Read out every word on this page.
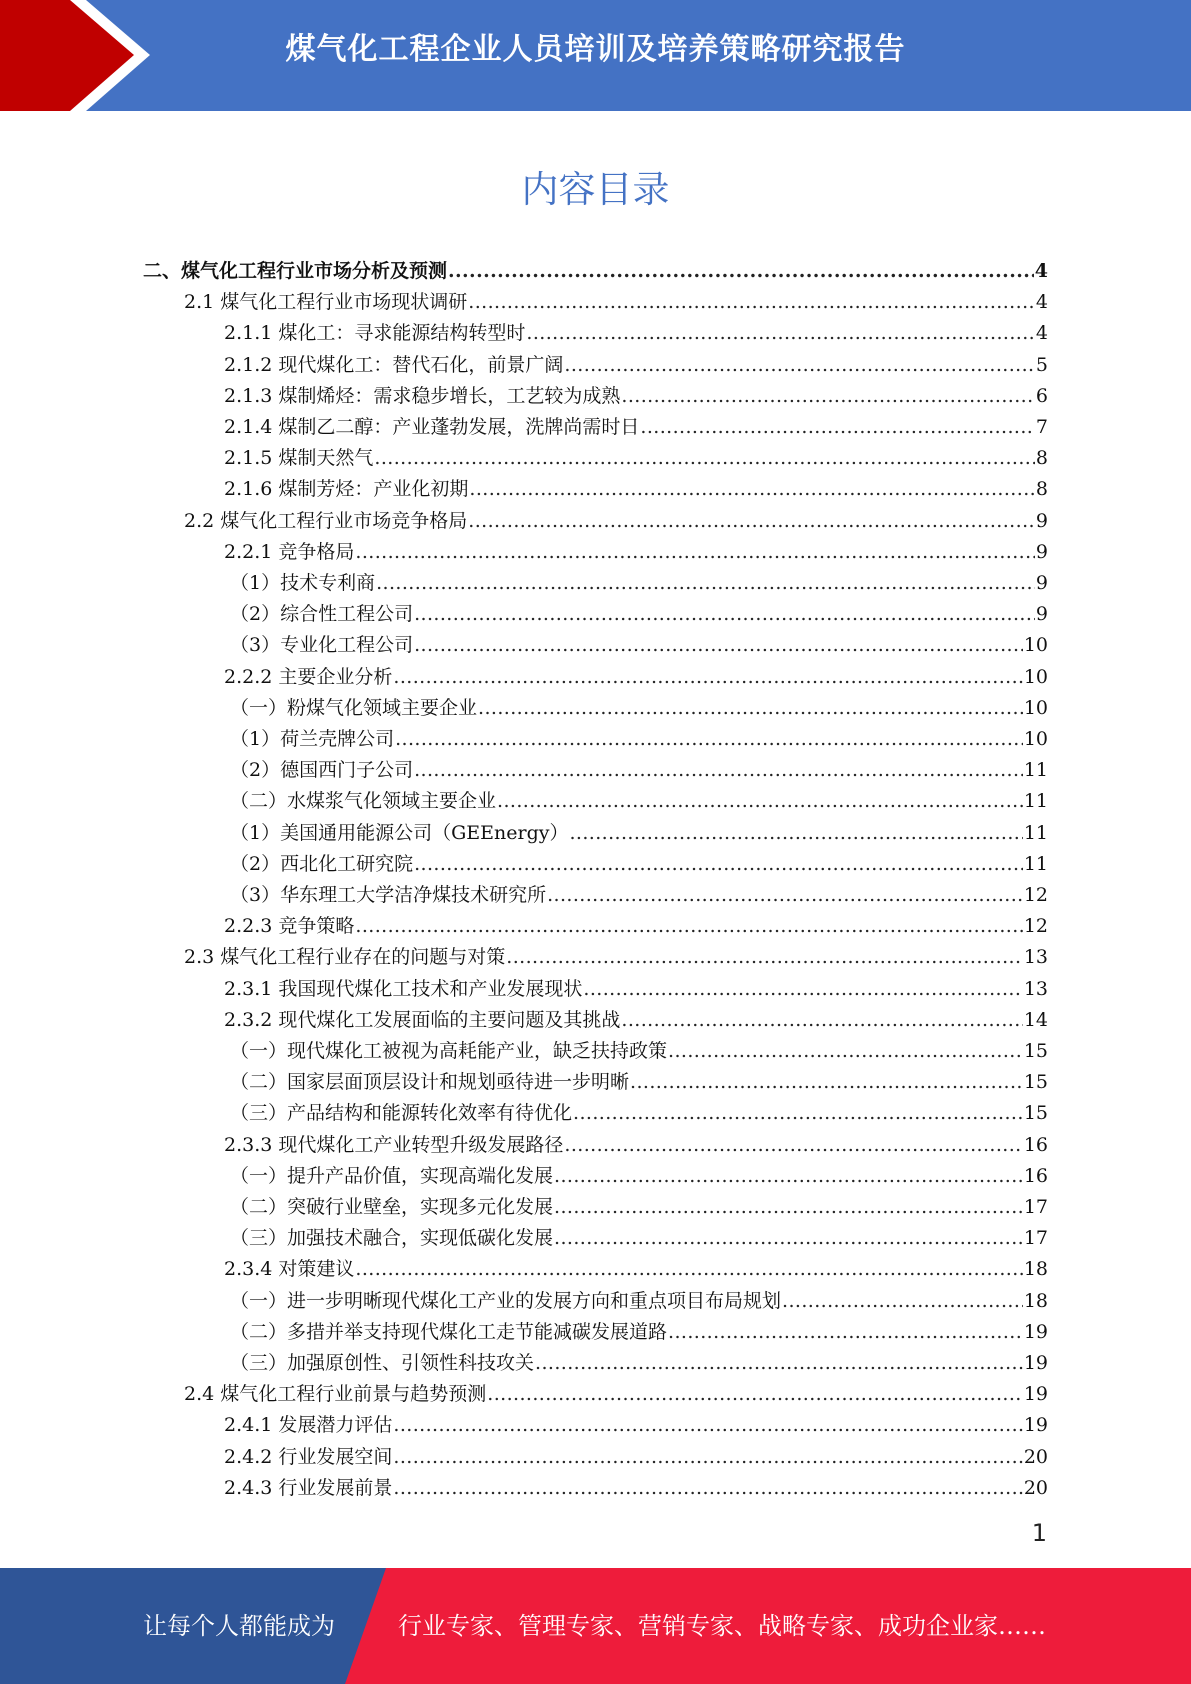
煤气化工程企业人员培训及培养策略研究报告
内容目录
二、煤气化工程行业市场分析及预测 .....	4
2.1 煤气化工程行业市场现状调研 .....	4
2.1.1 煤化工：寻求能源结构转型时 .....	4
2.1.2 现代煤化工：替代石化，前景广阔 .....	5
2.1.3 煤制烯烃：需求稳步增长，工艺较为成熟 .....	6
2.1.4 煤制乙二醇：产业蓬勃发展，洗牌尚需时日 .....	7
2.1.5 煤制天然气 .....	8
2.1.6 煤制芳烃：产业化初期 .....	8
2.2 煤气化工程行业市场竞争格局 .....	9
2.2.1 竞争格局 .....	9
（1）技术专利商 .....	9
（2）综合性工程公司 .....	9
（3）专业化工程公司 .....	10
2.2.2 主要企业分析 .....	10
（一）粉煤气化领域主要企业 .....	10
（1）荷兰壳牌公司 .....	10
（2）德国西门子公司 .....	11
（二）水煤浆气化领域主要企业 .....	11
（1）美国通用能源公司（GEEnergy） .....	11
（2）西北化工研究院 .....	11
（3）华东理工大学洁净煤技术研究所 .....	12
2.2.3 竞争策略 .....	12
2.3 煤气化工程行业存在的问题与对策 .....	13
2.3.1 我国现代煤化工技术和产业发展现状 .....	13
2.3.2 现代煤化工发展面临的主要问题及其挑战 .....	14
（一）现代煤化工被视为高耗能产业，缺乏扶持政策 .....	15
（二）国家层面顶层设计和规划亟待进一步明晰 .....	15
（三）产品结构和能源转化效率有待优化 .....	15
2.3.3 现代煤化工产业转型升级发展路径 .....	16
（一）提升产品价值，实现高端化发展 .....	16
（二）突破行业壁垒，实现多元化发展 .....	17
（三）加强技术融合，实现低碳化发展 .....	17
2.3.4 对策建议 .....	18
（一）进一步明晰现代煤化工产业的发展方向和重点项目布局规划 .....	18
（二）多措并举支持现代煤化工走节能减碳发展道路 .....	19
（三）加强原创性、引领性科技攻关 .....	19
2.4 煤气化工程行业前景与趋势预测 .....	19
2.4.1 发展潜力评估 .....	19
2.4.2 行业发展空间 .....	20
2.4.3 行业发展前景 .....	20
1
让每个人都能成为	行业专家、管理专家、营销专家、战略专家、成功企业家……
